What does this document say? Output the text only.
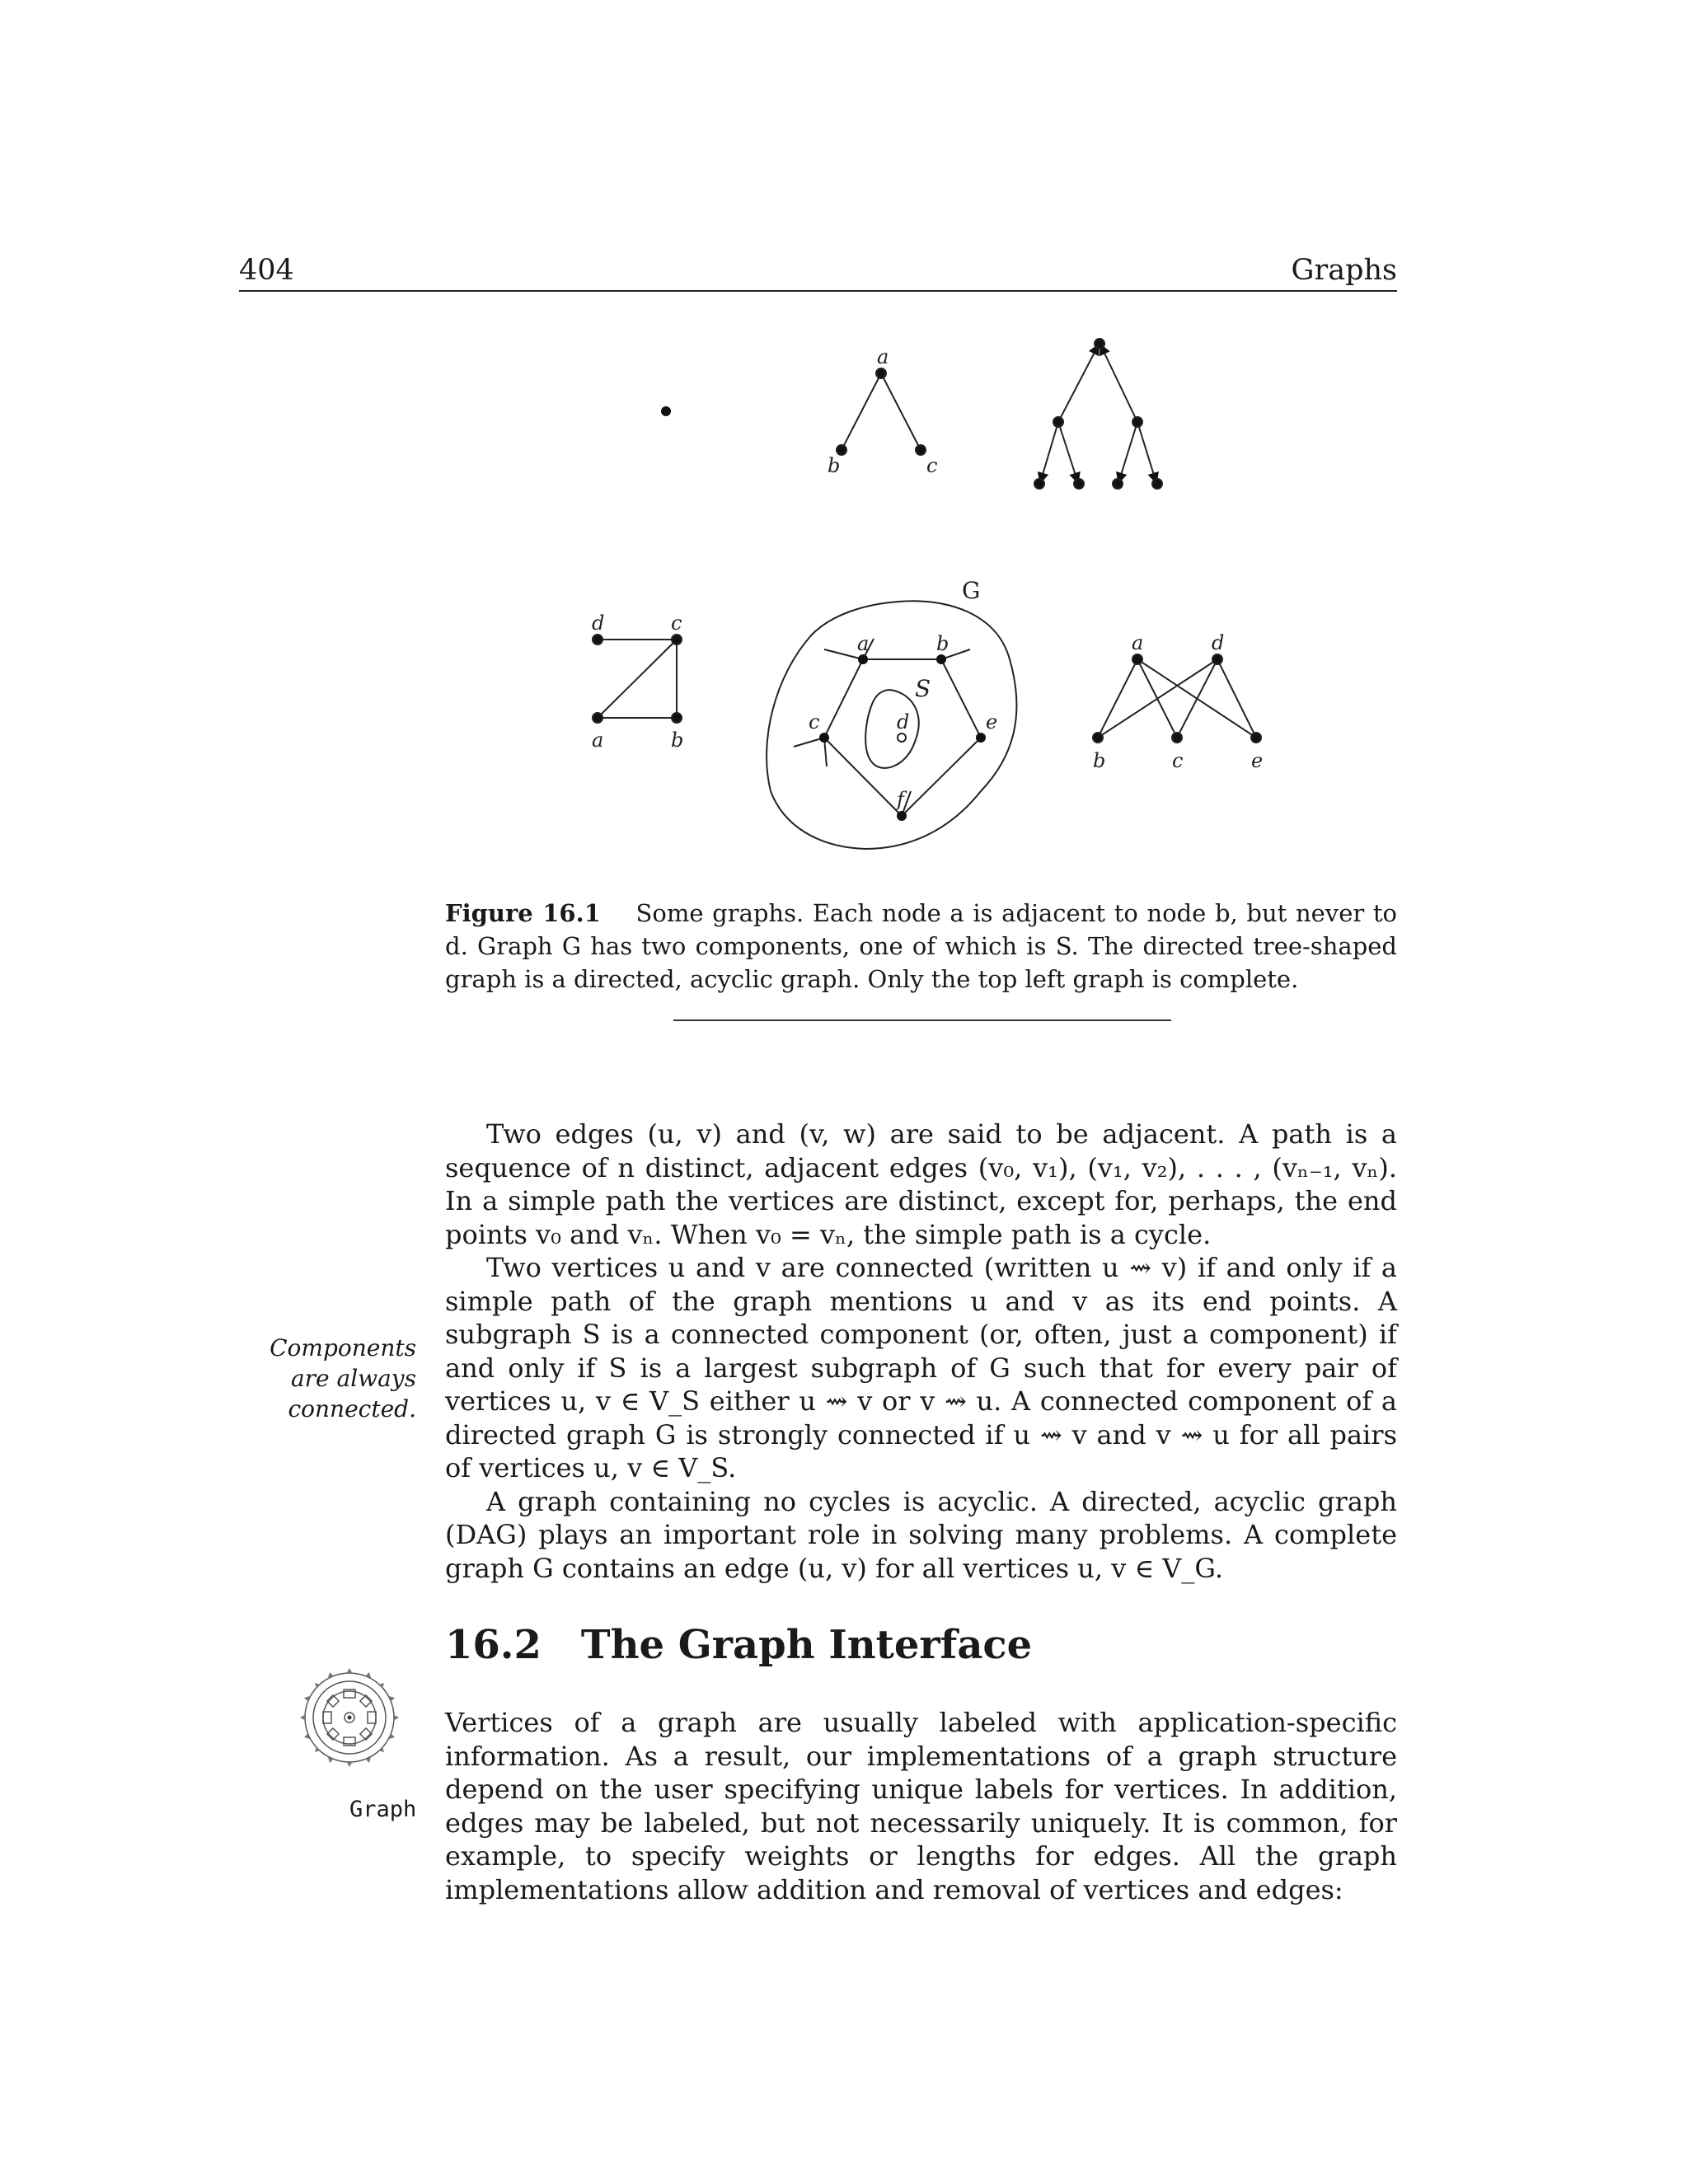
404	Graphs
a
b	c
d	c
a	b
G
a	b
S
c	d	e
f
a	d
b	c	e
Figure 16.1 Some graphs. Each node a is adjacent to node b, but never to d. Graph G has two components, one of which is S. The directed tree-shaped graph is a directed, acyclic graph. Only the top left graph is complete.

Two edges (u, v) and (v, w) are said to be adjacent. A path is a sequence of n distinct, adjacent edges (v₀, v₁), (v₁, v₂), . . . , (vₙ₋₁, vₙ). In a simple path the vertices are distinct, except for, perhaps, the end points v₀ and vₙ. When v₀ = vₙ, the simple path is a cycle.

Two vertices u and v are connected (written u ⇝ v) if and only if a simple path of the graph mentions u and v as its end points. A subgraph S is a connected component (or, often, just a component) if and only if S is a largest subgraph of G such that for every pair of vertices u, v ∈ V_S either u ⇝ v or v ⇝ u. A connected component of a directed graph G is strongly connected if u ⇝ v and v ⇝ u for all pairs of vertices u, v ∈ V_S.

A graph containing no cycles is acyclic. A directed, acyclic graph (DAG) plays an important role in solving many problems. A complete graph G contains an edge (u, v) for all vertices u, v ∈ V_G.

Components are always connected.
16.2 The Graph Interface
Graph

Vertices of a graph are usually labeled with application-specific information. As a result, our implementations of a graph structure depend on the user specifying unique labels for vertices. In addition, edges may be labeled, but not necessarily uniquely. It is common, for example, to specify weights or lengths for edges. All the graph implementations allow addition and removal of vertices and edges:
